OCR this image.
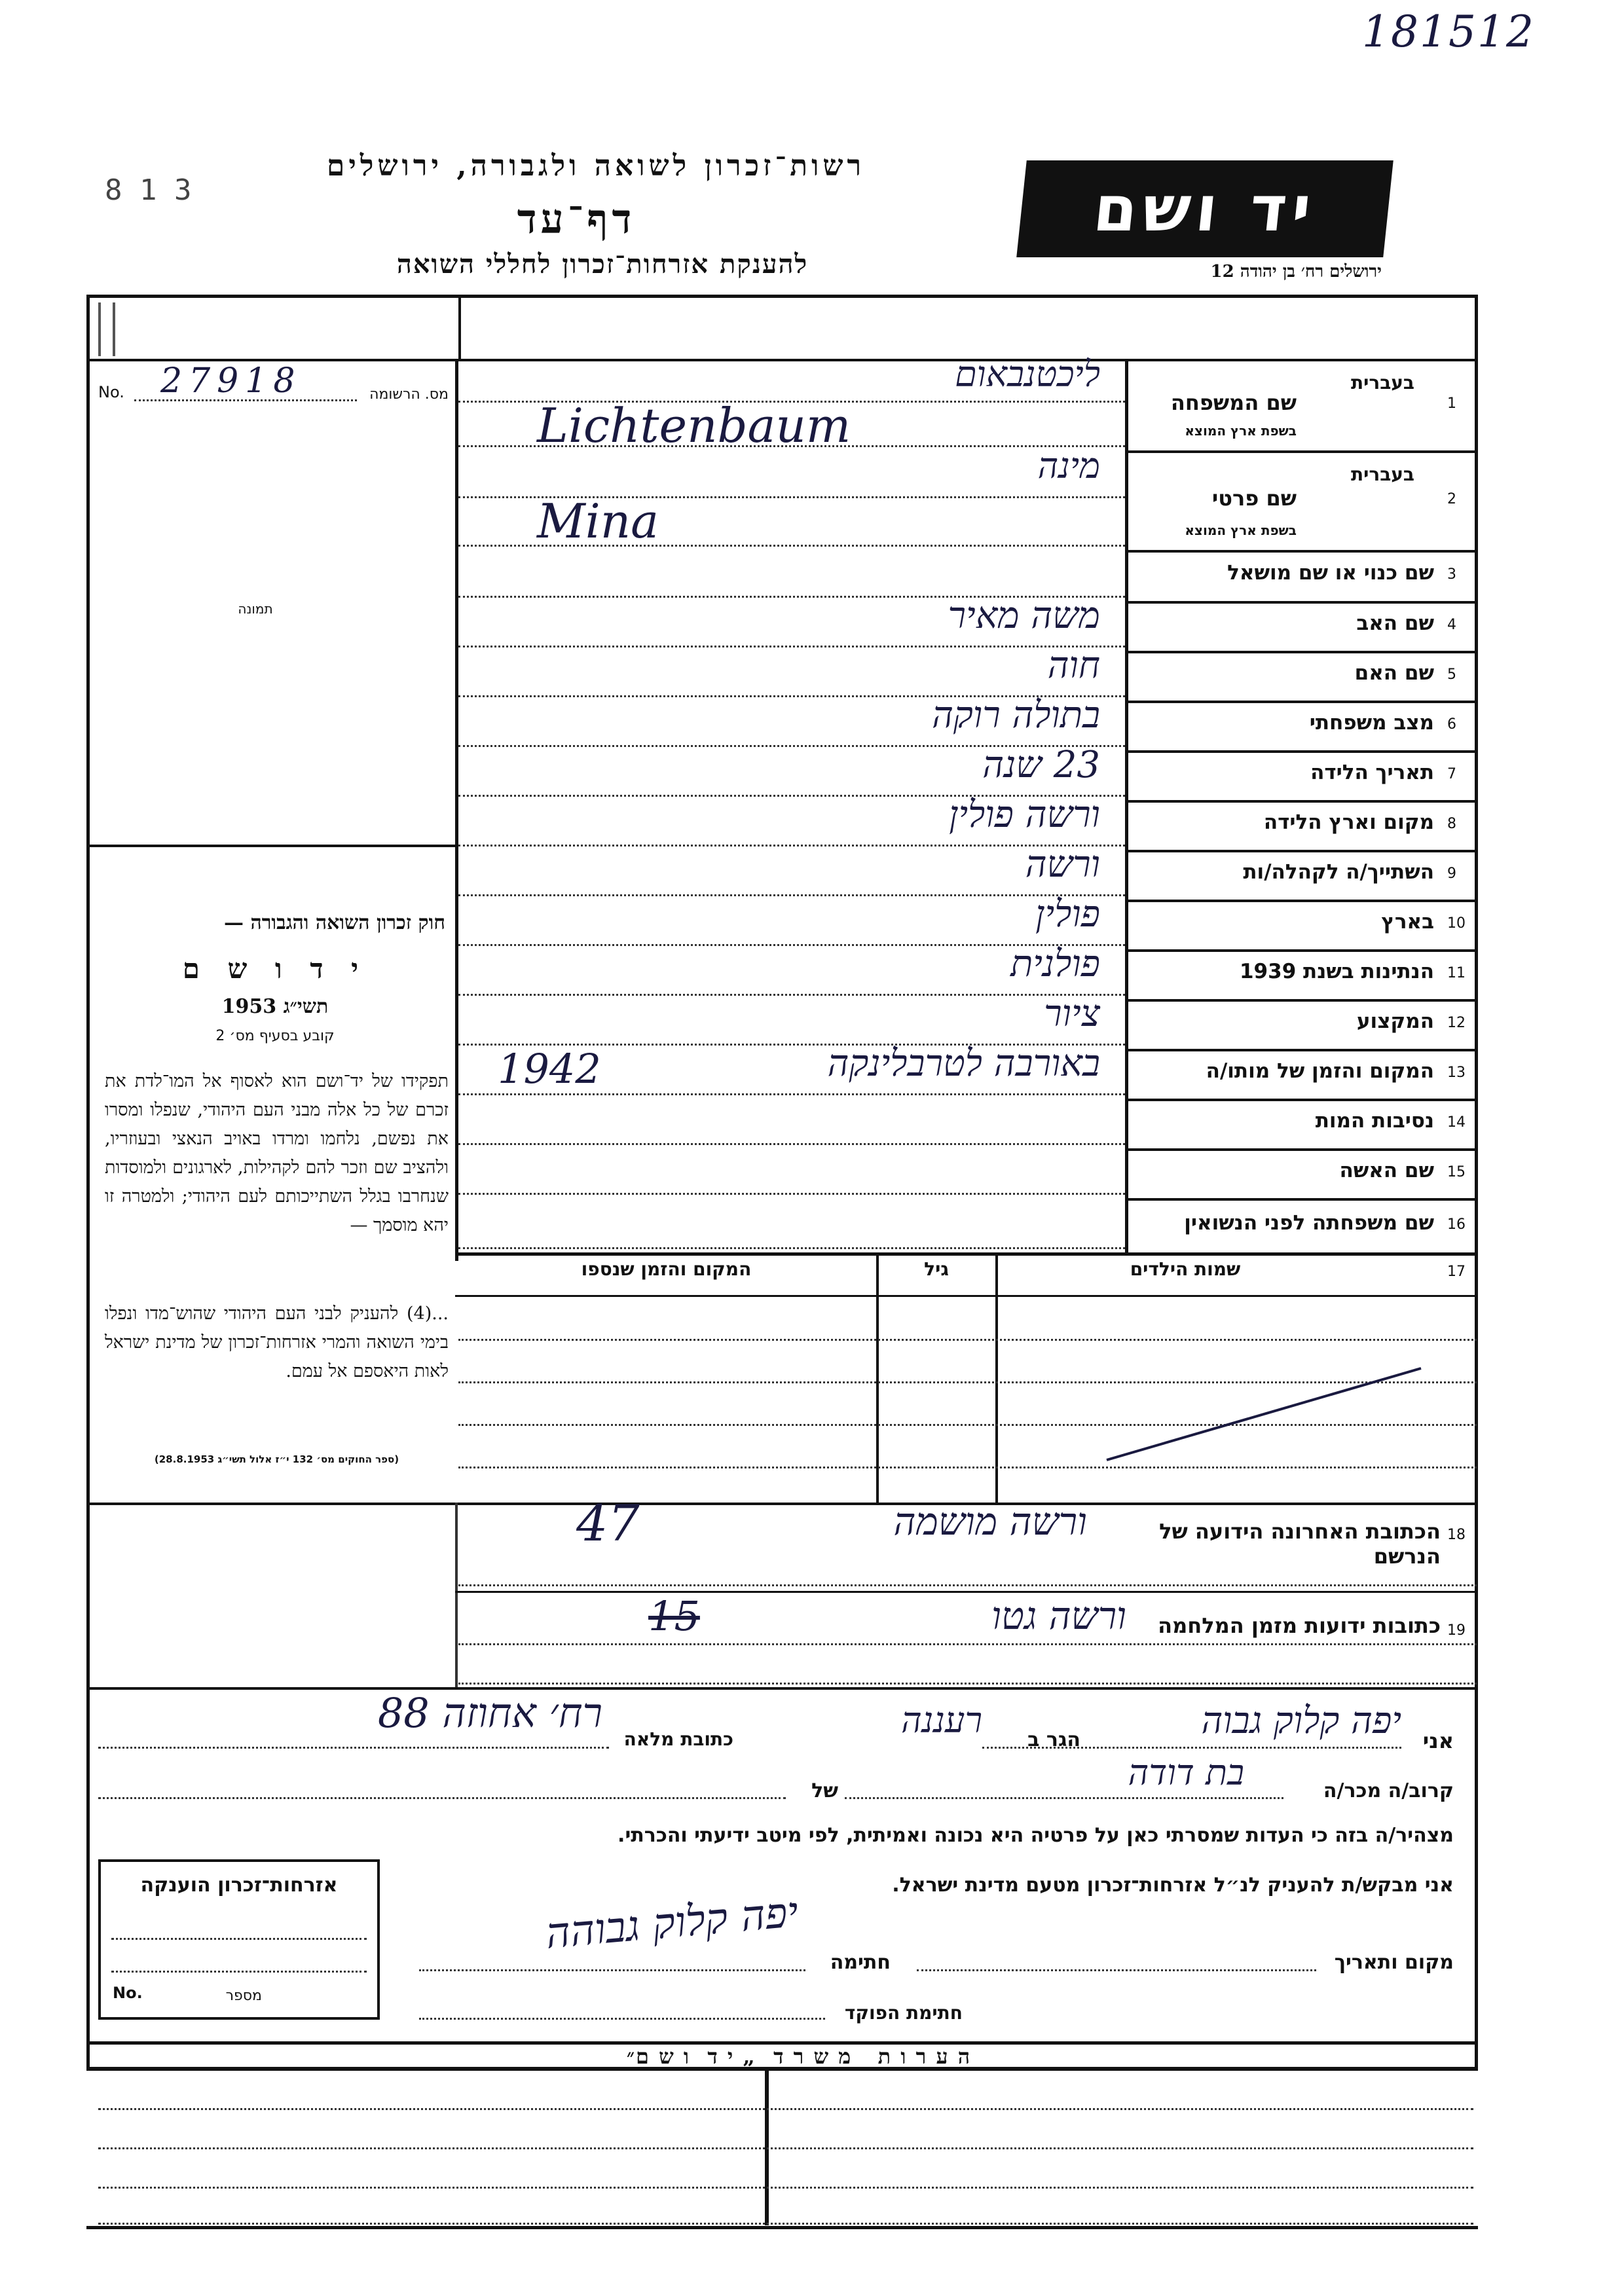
181512
8 1 3
רשות־זכרון לשואה ולגבורה, ירושלים
דף־עד
להענקת אזרחות־זכרון לחללי השואה
יד ושם
ירושלים רח׳ בן יהודה 12
No. 27918	מס. הרשומה
תמונה
חוק זכרון השואה והגבורה —
י ד ו ש ם
תשי״ג 1953
קובע בסעיף מס׳ 2
תפקידו של יד־ושם הוא לאסוף אל המו־לדת את זכרם של כל אלה מבני העם היהודי, שנפלו ומסרו את נפשם, נלחמו ומרדו באויב הנאצי ובעוזריו, ולהציב שם וזכר להם לקהילות, לארגונים ולמוסדות שנחרבו בגלל השתייכותם לעם היהודי; ולמטרה זו יהא מוסמך —
...(4) להעניק לבני העם היהודי שהוש־מדו ונפלו בימי השואה והמרי אזרחות־זכרון של מדינת ישראל לאות היאספם אל עמם.
(ספר החוקים מס׳ 132 י״ז אלול תשי״ג 28.8.1953)
1
שם המשפחה
בעברית
בשפת ארץ המוצא
ליכטנבאום
Lichtenbaum
2
שם פרטי
בעברית
בשפת ארץ המוצא
מינה
Mina
3
שם כנוי או שם מושאל
4
שם האב
משה מאיר
5
שם האם
חוה
6
מצב משפחתי
בתולה רוקה
7
תאריך הלידה
23 שנה
8
מקום וארץ הלידה
ורשה פולין
9
השתייך/ה לקהלה/ות
ורשה
10
בארץ
פולין
11
הנתינות בשנת 1939
פולנית
12
המקצוע
ציור
13
המקום והזמן של מותו/ה
באורבה לטרבלינקה
1942
14
נסיבות המות
15
שם האשה
16
שם משפחתה לפני הנשואין
17
שמות הילדים
גיל
המקום והזמן שנספו
18
הכתובת האחרונה הידועה של הנרשם
ורשה מושמה
47
19
כתובות ידועות מזמן המלחמה
ורשה גטו
15
אני
יפה קלוק גבוה
הגר ב
רעננה
כתובת מלאה
רח׳ אחוזה 88
קרוב/ה מכר/ה
בת דודה
של
מצהיר/ה בזה כי העדות שמסרתי כאן על פרטיה היא נכונה ואמיתית, לפי מיטב ידיעתי והכרתי.
אני מבקש/ת להעניק לנ״ל אזרחות־זכרון מטעם מדינת ישראל.
מקום ותאריך
חתימה
יפה קלוק גבוהה
חתימת הפוקד
אזרחות־זכרון הוענקה
No.	מספר
ה ע ר ו ת   מ ש ר ד  „ י ד  ו ש ם״
